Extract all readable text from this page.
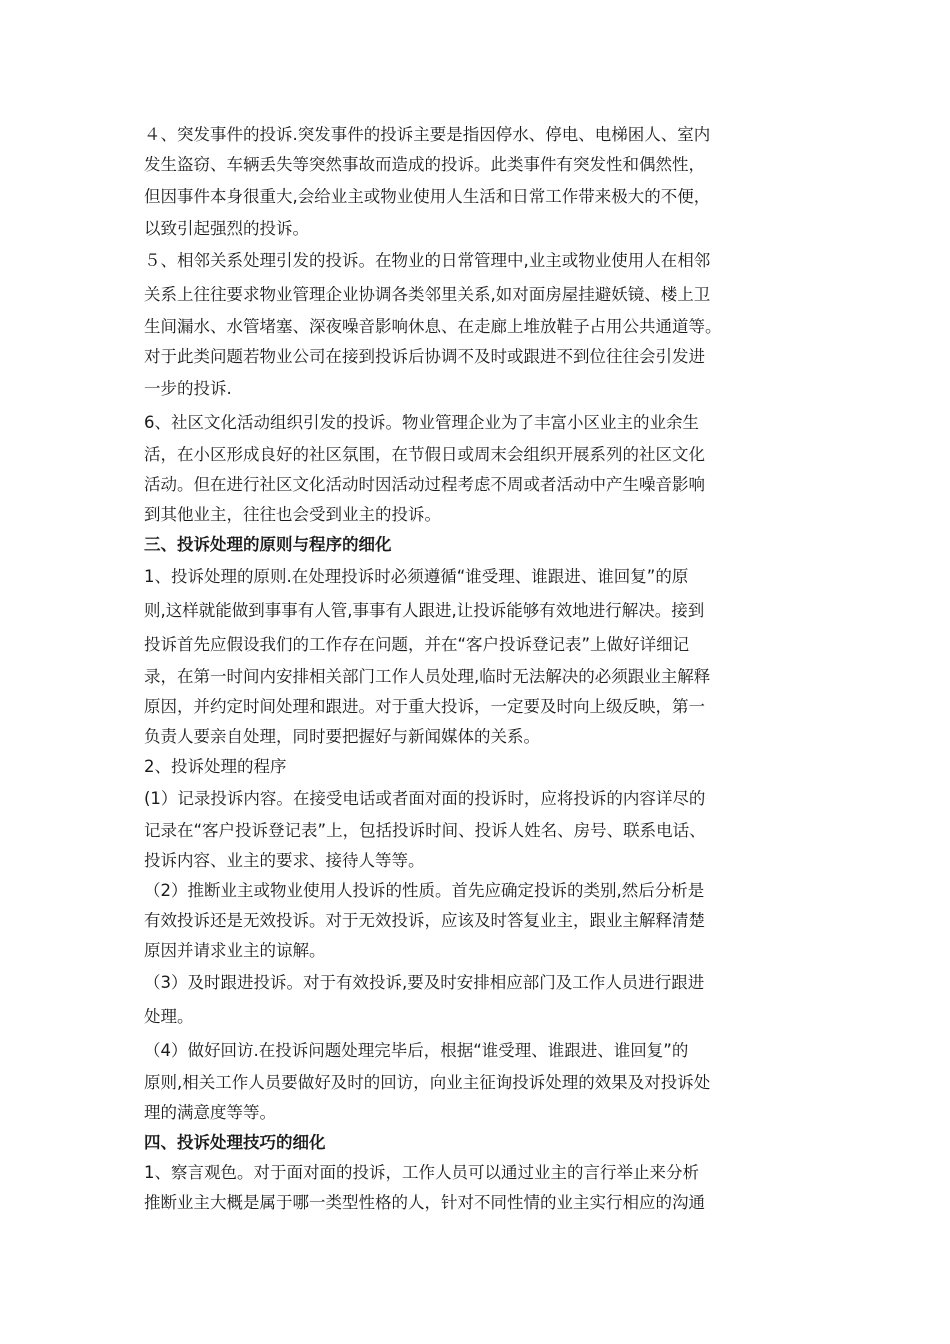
４、突发事件的投诉.突发事件的投诉主要是指因停水、停电、电梯困人、室内
发生盗窃、车辆丢失等突然事故而造成的投诉。此类事件有突发性和偶然性，
但因事件本身很重大,会给业主或物业使用人生活和日常工作带来极大的不便，
以致引起强烈的投诉。
５、相邻关系处理引发的投诉。在物业的日常管理中,业主或物业使用人在相邻
关系上往往要求物业管理企业协调各类邻里关系,如对面房屋挂避妖镜、楼上卫
生间漏水、水管堵塞、深夜噪音影响休息、在走廊上堆放鞋子占用公共通道等。
对于此类问题若物业公司在接到投诉后协调不及时或跟进不到位往往会引发进
一步的投诉.
6、社区文化活动组织引发的投诉。物业管理企业为了丰富小区业主的业余生
活，在小区形成良好的社区氛围，在节假日或周末会组织开展系列的社区文化
活动。但在进行社区文化活动时因活动过程考虑不周或者活动中产生噪音影响
到其他业主，往往也会受到业主的投诉。
三、投诉处理的原则与程序的细化
1、投诉处理的原则.在处理投诉时必须遵循“谁受理、谁跟进、谁回复”的原
则,这样就能做到事事有人管,事事有人跟进,让投诉能够有效地进行解决。接到
投诉首先应假设我们的工作存在问题，并在“客户投诉登记表”上做好详细记
录，在第一时间内安排相关部门工作人员处理,临时无法解决的必须跟业主解释
原因，并约定时间处理和跟进。对于重大投诉，一定要及时向上级反映，第一
负责人要亲自处理，同时要把握好与新闻媒体的关系。
2、投诉处理的程序
(1）记录投诉内容。在接受电话或者面对面的投诉时，应将投诉的内容详尽的
记录在“客户投诉登记表”上，包括投诉时间、投诉人姓名、房号、联系电话、
投诉内容、业主的要求、接待人等等。
（2）推断业主或物业使用人投诉的性质。首先应确定投诉的类别,然后分析是
有效投诉还是无效投诉。对于无效投诉，应该及时答复业主，跟业主解释清楚
原因并请求业主的谅解。
（3）及时跟进投诉。对于有效投诉,要及时安排相应部门及工作人员进行跟进
处理。
（4）做好回访.在投诉问题处理完毕后，根据“谁受理、谁跟进、谁回复”的
原则,相关工作人员要做好及时的回访，向业主征询投诉处理的效果及对投诉处
理的满意度等等。
四、投诉处理技巧的细化
1、察言观色。对于面对面的投诉，工作人员可以通过业主的言行举止来分析
推断业主大概是属于哪一类型性格的人，针对不同性情的业主实行相应的沟通
